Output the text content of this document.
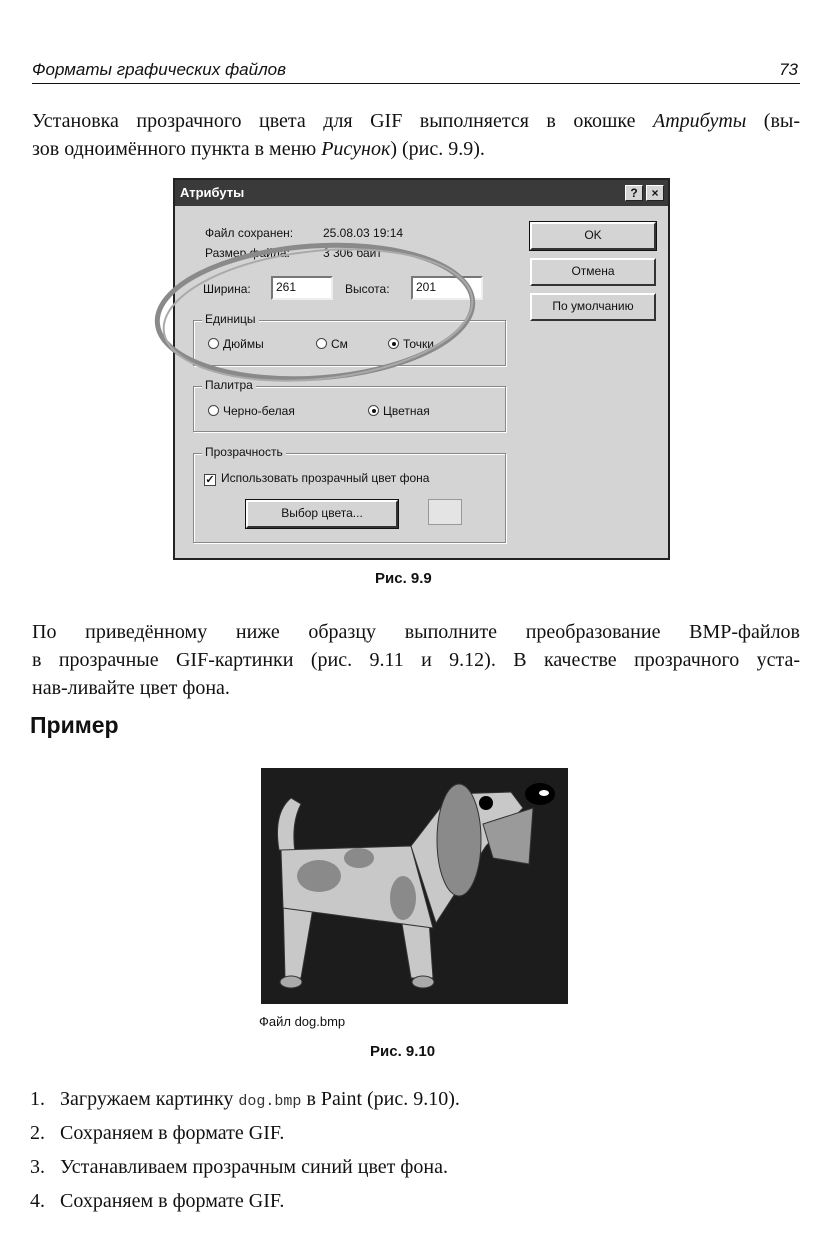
Форматы графических файлов	73
Установка прозрачного цвета для GIF выполняется в окошке Атрибуты (вы-
зов одноимённого пункта в меню Рисунок) (рис. 9.9).
Атрибуты	?	×
Файл сохранен: 25.08.03 19:14
Размер файла:	3 306 байт
Ширина:	261	Высота:	201
OK
Отмена
По умолчанию
Единицы
Дюймы	См	Точки
Палитра
Черно-белая	Цветная
Прозрачность
✓ Использовать прозрачный цвет фона
Выбор цвета...
Рис. 9.9
По приведённому ниже образцу выполните преобразование BMP-файлов
в прозрачные GIF-картинки (рис. 9.11 и 9.12). В качестве прозрачного уста-
нав-ливайте цвет фона.
Пример
Файл dog.bmp
Рис. 9.10
1. Загружаем картинку dog.bmp в Paint (рис. 9.10).
2. Сохраняем в формате GIF.
3. Устанавливаем прозрачным синий цвет фона.
4. Сохраняем в формате GIF.
